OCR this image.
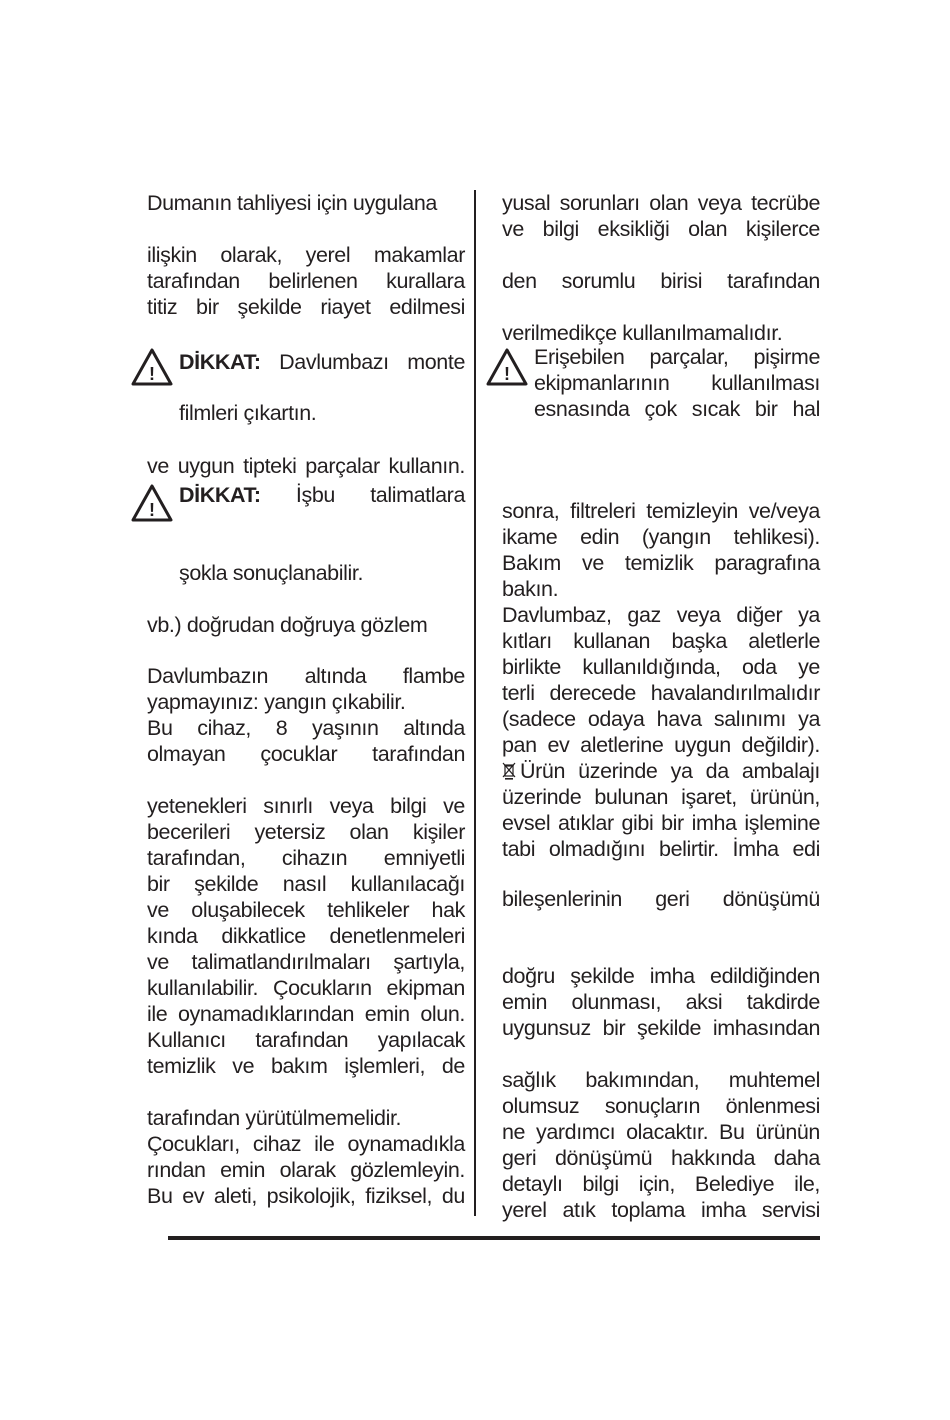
Dumanın tahliyesi için uygulana
ilişkin olarak, yerel makamlar
tarafından belirlenen kurallara
titiz bir şekilde riayet edilmesi
DİKKAT: Davlumbazı monte
filmleri çıkartın.
ve uygun tipteki parçalar kullanın.
DİKKAT: İşbu talimatlara
şokla sonuçlanabilir.
vb.) doğrudan doğruya gözlem
Davlumbazın altında flambe
yapmayınız: yangın çıkabilir.
Bu cihaz, 8 yaşının altında
olmayan çocuklar tarafından
yetenekleri sınırlı veya bilgi ve
becerileri yetersiz olan kişiler
tarafından, cihazın emniyetli
bir şekilde nasıl kullanılacağı
ve oluşabilecek tehlikeler hak
kında dikkatlice denetlenmeleri
ve talimatlandırılmaları şartıyla,
kullanılabilir. Çocukların ekipman
ile oynamadıklarından emin olun.
Kullanıcı tarafından yapılacak
temizlik ve bakım işlemleri, de
tarafından yürütülmemelidir.
Çocukları, cihaz ile oynamadıkla
rından emin olarak gözlemleyin.
Bu ev aleti, psikolojik, fiziksel, du
yusal sorunları olan veya tecrübe
ve bilgi eksikliği olan kişilerce
den sorumlu birisi tarafından
verilmedikçe kullanılmamalıdır.
Erişebilen parçalar, pişirme
ekipmanlarının kullanılması
esnasında çok sıcak bir hal
sonra, filtreleri temizleyin ve/veya
ikame edin (yangın tehlikesi).
Bakım ve temizlik paragrafına
bakın.
Davlumbaz, gaz veya diğer ya
kıtları kullanan başka aletlerle
birlikte kullanıldığında, oda ye
terli derecede havalandırılmalıdır
(sadece odaya hava salınımı ya
pan ev aletlerine uygun değildir).
Ürün üzerinde ya da ambalajı
üzerinde bulunan işaret, ürünün,
evsel atıklar gibi bir imha işlemine
tabi olmadığını belirtir. İmha edi
bileşenlerinin geri dönüşümü
doğru şekilde imha edildiğinden
emin olunması, aksi takdirde
uygunsuz bir şekilde imhasından
sağlık bakımından, muhtemel
olumsuz sonuçların önlenmesi
ne yardımcı olacaktır. Bu ürünün
geri dönüşümü hakkında daha
detaylı bilgi için, Belediye ile,
yerel atık toplama imha servisi
!
!
!
